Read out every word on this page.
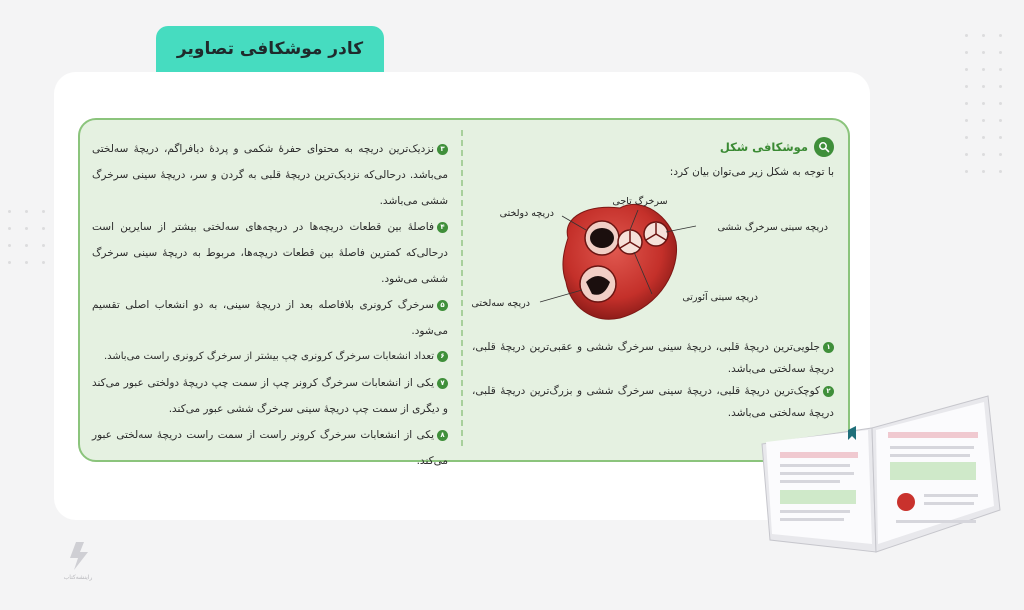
کادر موشکافی تصاویر

۳نزدیک‌ترین دریچه به محتوای حفرهٔ شکمی و پردهٔ دیافراگم، دریچهٔ سه‌لختی می‌باشد. درحالی‌که نزدیک‌ترین دریچهٔ قلبی به گردن و سر، دریچهٔ سینی سرخرگ ششی می‌باشد.

۴فاصلهٔ بین قطعات دریچه‌ها در دریچه‌های سه‌لختی بیشتر از سایرین است درحالی‌که کمترین فاصلهٔ بین قطعات دریچه‌ها، مربوط به دریچهٔ سینی سرخرگ ششی می‌شود.

۵سرخرگ کرونری بلافاصله بعد از دریچهٔ سینی، به دو انشعاب اصلی تقسیم می‌شود.

۶تعداد انشعابات سرخرگ کرونری چپ بیشتر از سرخرگ کرونری راست می‌باشد.

۷یکی از انشعابات سرخرگ کرونر چپ از سمت چپ دریچهٔ دولختی عبور می‌کند و دیگری از سمت چپ دریچهٔ سینی سرخرگ ششی عبور می‌کند.

۸یکی از انشعابات سرخرگ کرونر راست از سمت راست دریچهٔ سه‌لختی عبور می‌کند.

موشکافی شکل
با توجه به شکل زیر می‌توان بیان کرد:
دریچه دولختی
سرخرگ تاجی
دریچه سینی سرخرگ ششی
دریچه سینی آئورتی
دریچه سه‌لختی

۱جلویی‌ترین دریچهٔ قلبی، دریچهٔ سینی سرخرگ ششی و عقبی‌ترین دریچهٔ قلبی، دریچهٔ سه‌لختی می‌باشد.

۲کوچک‌ترین دریچهٔ قلبی، دریچهٔ سینی سرخرگ ششی و بزرگ‌ترین دریچهٔ قلبی، دریچهٔ سه‌لختی می‌باشد.

راینشه‌کتاب
